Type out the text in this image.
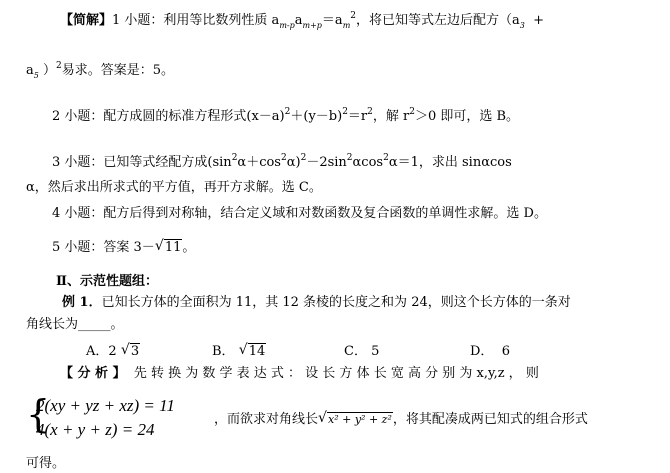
【简解】1 小题：利用等比数列性质 $a_{m-p}a_{m+p}=a_m^2$，将已知等式左边后配方（$a_3$ +
$a_5$ ）$^2$易求。答案是：5。
2 小题：配方成圆的标准方程形式$(x-a)^2+(y-b)^2=r^2$，解 $r^2>0$ 即可，选 B。
3 小题：已知等式经配方成$(\sin^2\alpha+\cos^2\alpha)^2-2\sin^2\alpha\cos^2\alpha=1$，求出 sinαcos
α，然后求出所求式的平方值，再开方求解。选 C。
4 小题：配方后得到对称轴，结合定义域和对数函数及复合函数的单调性求解。选 D。
5 小题：答案 3－ √ 11。
Ⅱ、示范性题组：
例 1．已知长方体的全面积为 11，其 12 条棱的长度之和为 24，则这个长方体的一条对
角线长为_____。
A．2 √ 3	B． √ 14	C． 5	D． 6
【 分 析 】 先 转 换 为 数 学 表 达 式 ： 设 长 方 体 长 宽 高 分 别 为 x,y,z ， 则
{
2(xy + yz + xz) = 11
4(x + y + z) = 24
，而欲求对角线长 √ x² + y² + z²，将其配凑成两已知式的组合形式
可得。
